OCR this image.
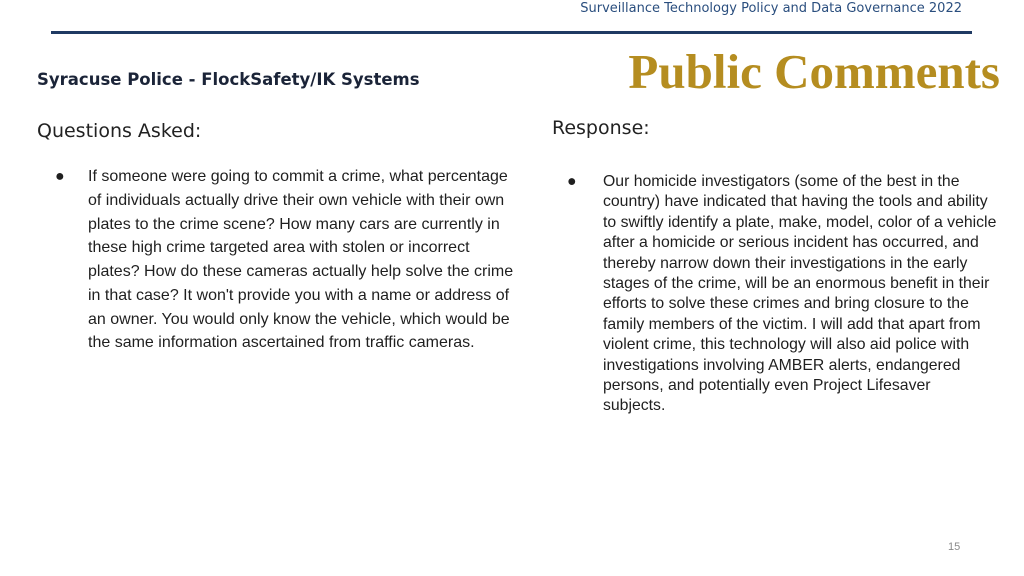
Surveillance Technology Policy and Data Governance 2022
Syracuse Police - FlockSafety/IK Systems	Public Comments
Questions Asked:	Response:
●	If someone were going to commit a crime, what percentage of individuals actually drive their own vehicle with their own plates to the crime scene? How many cars are currently in these high crime targeted area with stolen or incorrect plates? How do these cameras actually help solve the crime in that case? It won't provide you with a name or address of an owner. You would only know the vehicle, which would be the same information ascertained from traffic cameras.
●	Our homicide investigators (some of the best in the country) have indicated that having the tools and ability to swiftly identify a plate, make, model, color of a vehicle after a homicide or serious incident has occurred, and thereby narrow down their investigations in the early stages of the crime, will be an enormous benefit in their efforts to solve these crimes and bring closure to the family members of the victim. I will add that apart from violent crime, this technology will also aid police with investigations involving AMBER alerts, endangered persons, and potentially even Project Lifesaver subjects.
15
